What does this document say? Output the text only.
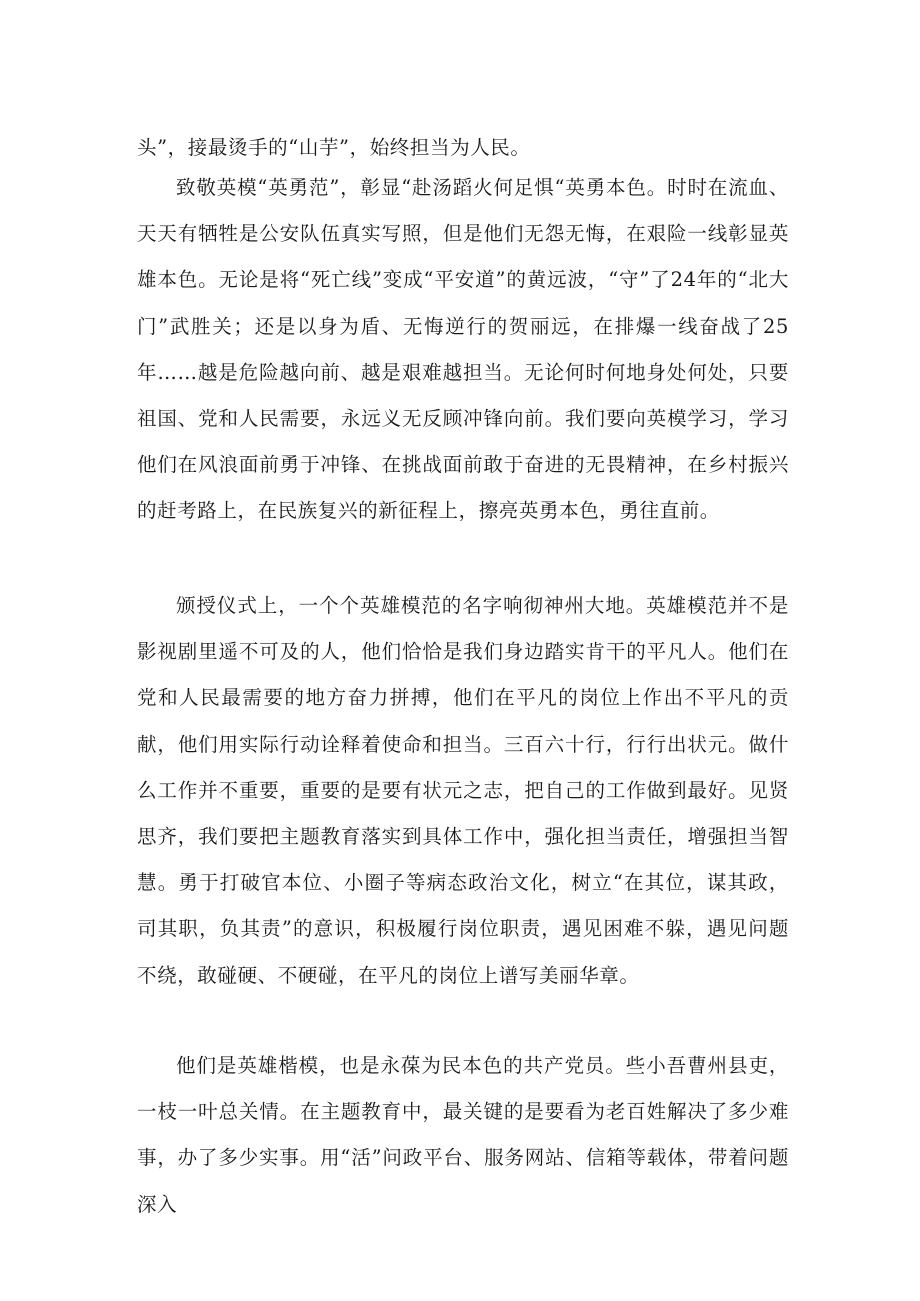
头”，接最烫手的“山芋”，始终担当为人民。

致敬英模“英勇范”，彰显“赴汤蹈火何足惧“英勇本色。时时在流血、天天有牺牲是公安队伍真实写照，但是他们无怨无悔，在艰险一线彰显英雄本色。无论是将“死亡线”变成“平安道”的黄远波，“守”了24年的“北大门”武胜关；还是以身为盾、无悔逆行的贺丽远，在排爆一线奋战了25年……越是危险越向前、越是艰难越担当。无论何时何地身处何处，只要祖国、党和人民需要，永远义无反顾冲锋向前。我们要向英模学习，学习他们在风浪面前勇于冲锋、在挑战面前敢于奋进的无畏精神，在乡村振兴的赶考路上，在民族复兴的新征程上，擦亮英勇本色，勇往直前。

颁授仪式上，一个个英雄模范的名字响彻神州大地。英雄模范并不是影视剧里遥不可及的人，他们恰恰是我们身边踏实肯干的平凡人。他们在党和人民最需要的地方奋力拼搏，他们在平凡的岗位上作出不平凡的贡献，他们用实际行动诠释着使命和担当。三百六十行，行行出状元。做什么工作并不重要，重要的是要有状元之志，把自己的工作做到最好。见贤思齐，我们要把主题教育落实到具体工作中，强化担当责任，增强担当智慧。勇于打破官本位、小圈子等病态政治文化，树立“在其位，谋其政，司其职，负其责”的意识，积极履行岗位职责，遇见困难不躲，遇见问题不绕，敢碰硬、不硬碰，在平凡的岗位上谱写美丽华章。

他们是英雄楷模，也是永葆为民本色的共产党员。些小吾曹州县吏，一枝一叶总关情。在主题教育中，最关键的是要看为老百姓解决了多少难事，办了多少实事。用“活”问政平台、服务网站、信箱等载体，带着问题深入
